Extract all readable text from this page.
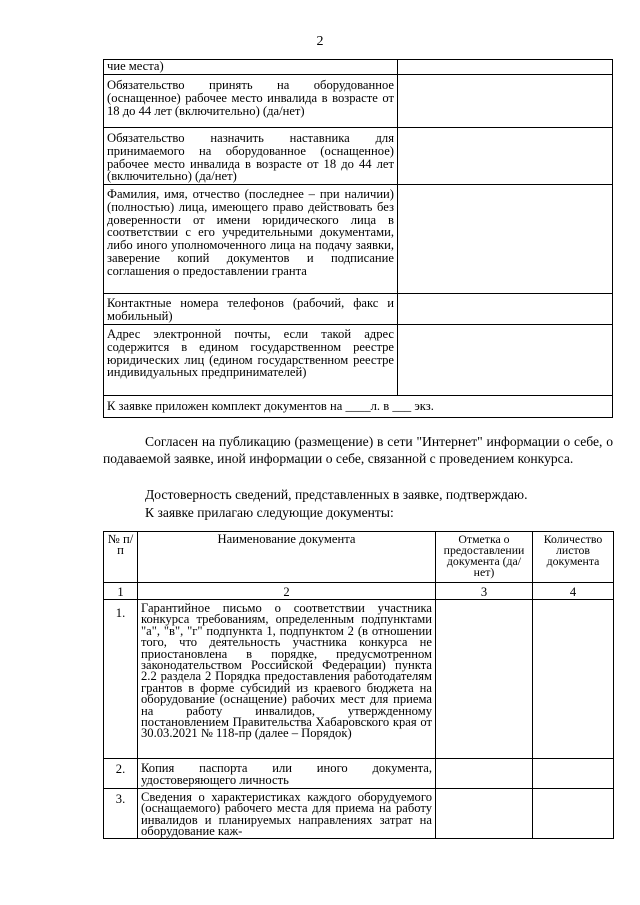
2
чие места)	
Обязательство принять на оборудованное (оснащенное) рабочее место инвалида в возрасте от 18 до 44 лет (включительно) (да/нет)	
Обязательство назначить наставника для принимаемого на оборудованное (оснащенное) рабочее место инвалида в возрасте от 18 до 44 лет (включительно) (да/нет)	
Фамилия, имя, отчество (последнее – при наличии) (полностью) лица, имеющего право действовать без доверенности от имени юридического лица в соответствии с его учредительными документами, либо иного уполномоченного лица на подачу заявки, заверение копий документов и подписание соглашения о предоставлении гранта	
Контактные номера телефонов (рабочий, факс и мобильный)	
Адрес электронной почты, если такой адрес содержится в едином государственном реестре юридических лиц (едином государственном реестре индивидуальных предпринимателей)	
К заявке приложен комплект документов на ____л. в ___ экз.	
Согласен на публикацию (размещение) в сети "Интернет" информации о себе, о подаваемой заявке, иной информации о себе, связанной с проведением конкурса.
Достоверность сведений, представленных в заявке, подтверждаю.
К заявке прилагаю следующие документы:
№ п/п	Наименование документа	Отметка о предоставлении документа (да/нет)	Количество листов документа
1	2	3	4
1.	Гарантийное письмо о соответствии участника конкурса требованиям, определенным подпунктами "а", "в", "г" подпункта 1, подпунктом 2 (в отношении того, что деятельность участника конкурса не приостановлена в порядке, предусмотренном законодательством Российской Федерации) пункта 2.2 раздела 2 Порядка предоставления работодателям грантов в форме субсидий из краевого бюджета на оборудование (оснащение) рабочих мест для приема на работу инвалидов, утвержденному постановлением Правительства Хабаровского края от 30.03.2021 № 118-пр (далее – Порядок)		
2.	Копия паспорта или иного документа, удостоверяющего личность		
3.	Сведения о характеристиках каждого оборудуемого (оснащаемого) рабочего места для приема на работу инвалидов и планируемых направлениях затрат на оборудование каж-		
